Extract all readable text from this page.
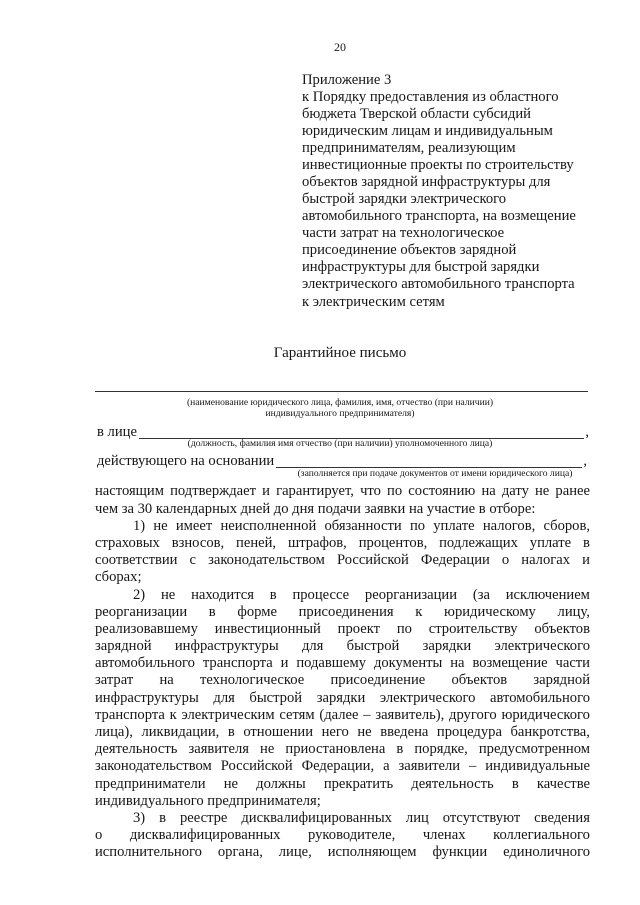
20
Приложение 3
к Порядку предоставления из областного
бюджета Тверской области субсидий
юридическим лицам и индивидуальным
предпринимателям, реализующим
инвестиционные проекты по строительству
объектов зарядной инфраструктуры для
быстрой зарядки электрического
автомобильного транспорта, на возмещение
части затрат на технологическое
присоединение объектов зарядной
инфраструктуры для быстрой зарядки
электрического автомобильного транспорта
к электрическим сетям
Гарантийное письмо
(наименование юридического лица, фамилия, имя, отчество (при наличии)
индивидуального предпринимателя)
в лице
	,
(должность, фамилия имя отчество (при наличии) уполномоченного лица)
действующего на основании
	,
(заполняется при подаче документов от имени юридического лица)
настоящим подтверждает и гарантирует, что по состоянию на дату не ранее
чем за 30 календарных дней до дня подачи заявки на участие в отборе:
1) не имеет неисполненной обязанности по уплате налогов, сборов,
страховых взносов, пеней, штрафов, процентов, подлежащих уплате в
соответствии с законодательством Российской Федерации о налогах и
сборах;
2) не находится в процессе реорганизации (за исключением
реорганизации в форме присоединения к юридическому лицу,
реализовавшему инвестиционный проект по строительству объектов
зарядной инфраструктуры для быстрой зарядки электрического
автомобильного транспорта и подавшему документы на возмещение части
затрат на технологическое присоединение объектов зарядной
инфраструктуры для быстрой зарядки электрического автомобильного
транспорта к электрическим сетям (далее – заявитель), другого юридического
лица), ликвидации, в отношении него не введена процедура банкротства,
деятельность заявителя не приостановлена в порядке, предусмотренном
законодательством Российской Федерации, а заявители – индивидуальные
предприниматели не должны прекратить деятельность в качестве
индивидуального предпринимателя;
3) в реестре дисквалифицированных лиц отсутствуют сведения
о дисквалифицированных руководителе, членах коллегиального
исполнительного органа, лице, исполняющем функции единоличного
